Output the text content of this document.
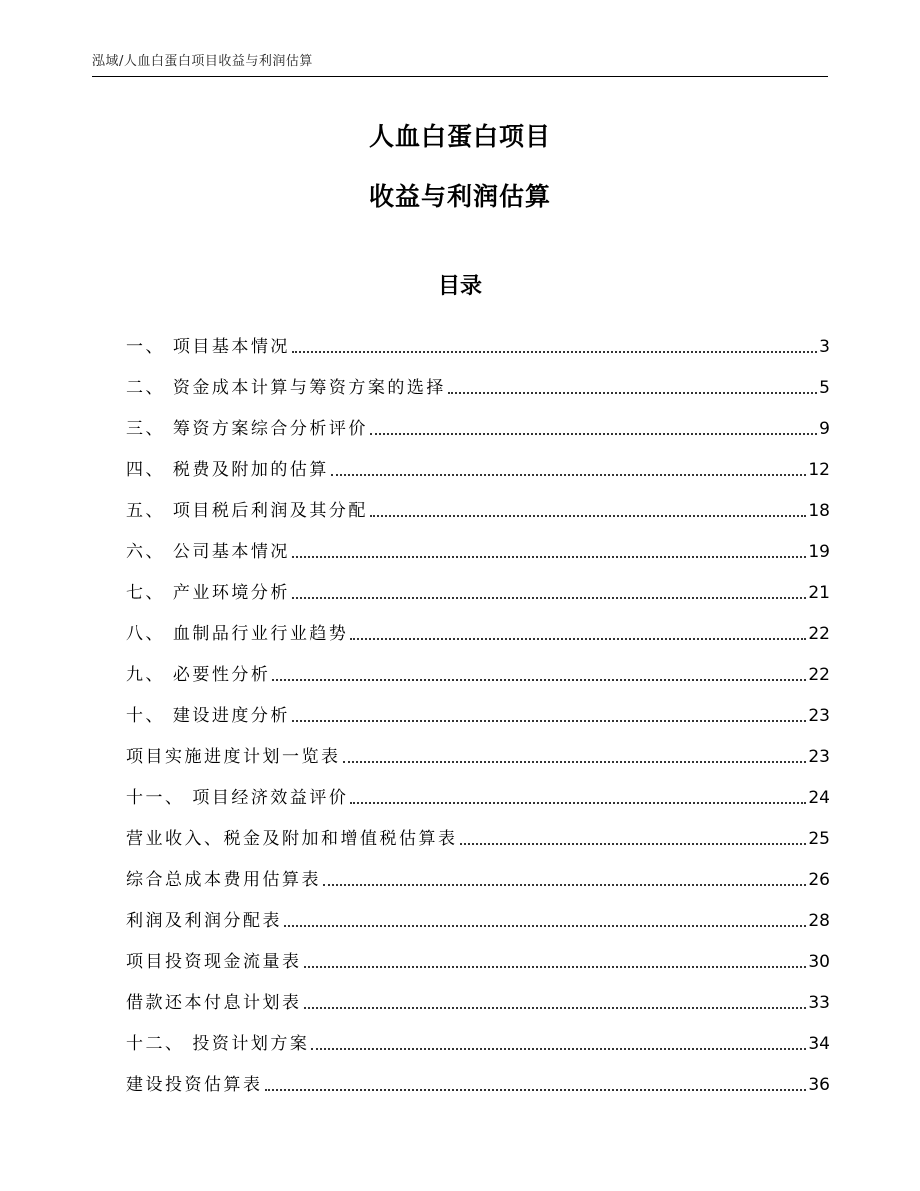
泓域/人血白蛋白项目收益与利润估算
人血白蛋白项目
收益与利润估算
目录
一、 项目基本情况	3
二、 资金成本计算与筹资方案的选择	5
三、 筹资方案综合分析评价	9
四、 税费及附加的估算	12
五、 项目税后利润及其分配	18
六、 公司基本情况	19
七、 产业环境分析	21
八、 血制品行业行业趋势	22
九、 必要性分析	22
十、 建设进度分析	23
项目实施进度计划一览表	23
十一、 项目经济效益评价	24
营业收入、税金及附加和增值税估算表	25
综合总成本费用估算表	26
利润及利润分配表	28
项目投资现金流量表	30
借款还本付息计划表	33
十二、 投资计划方案	34
建设投资估算表	36
